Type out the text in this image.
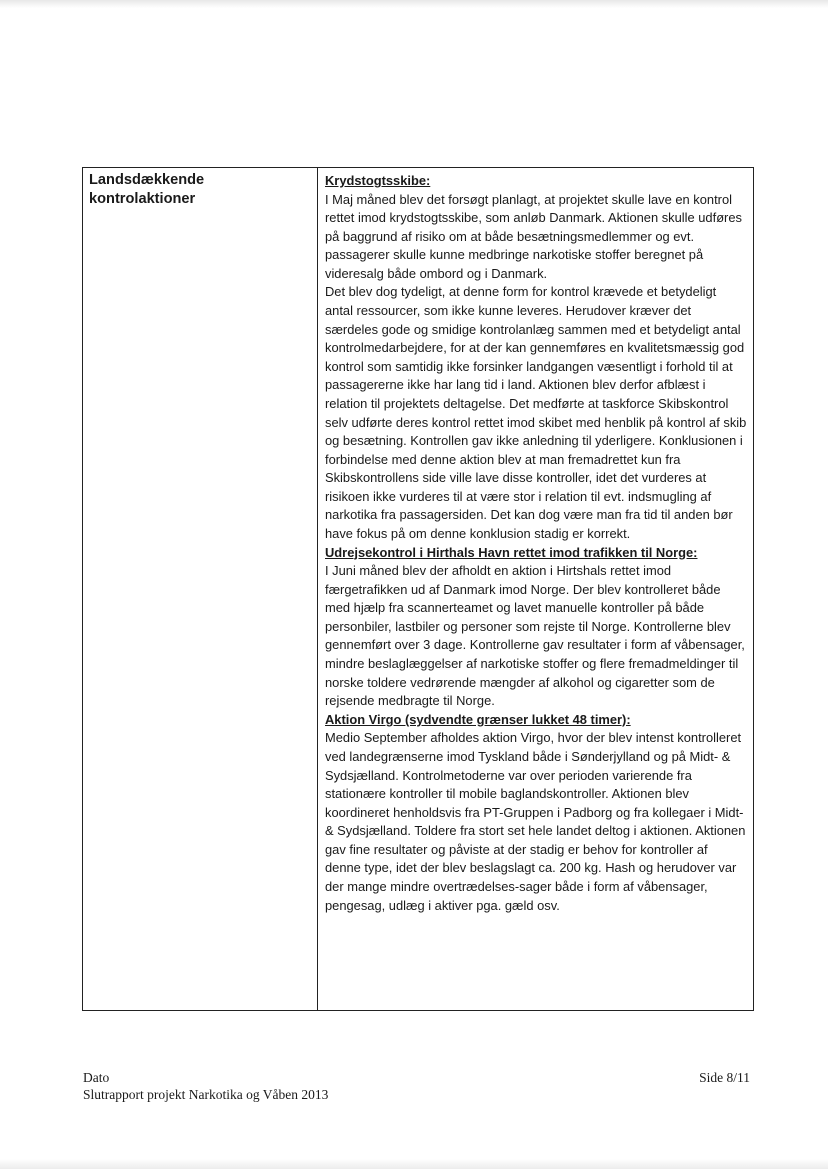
Landsdækkende

kontrolaktioner

Krydstogtsskibe:

I Maj måned blev det forsøgt planlagt, at projektet skulle lave en kontrol rettet imod krydstogtsskibe, som anløb Danmark. Aktionen skulle udføres på baggrund af risiko om at både besætningsmedlemmer og evt. passagerer skulle kunne medbringe narkotiske stoffer beregnet på videresalg både ombord og i Danmark.

Det blev dog tydeligt, at denne form for kontrol krævede et betydeligt antal ressourcer, som ikke kunne leveres. Herudover kræver det særdeles gode og smidige kontrolanlæg sammen med et betydeligt antal kontrolmedarbejdere, for at der kan gennemføres en kvalitetsmæssig god kontrol som samtidig ikke forsinker landgangen væsentligt i forhold til at passagererne ikke har lang tid i land. Aktionen blev derfor afblæst i relation til projektets deltagelse. Det medførte at taskforce Skibskontrol selv udførte deres kontrol rettet imod skibet med henblik på kontrol af skib og besætning. Kontrollen gav ikke anledning til yderligere. Konklusionen i forbindelse med denne aktion blev at man fremadrettet kun fra Skibskontrollens side ville lave disse kontroller, idet det vurderes at risikoen ikke vurderes til at være stor i relation til evt. indsmugling af narkotika fra passagersiden. Det kan dog være man fra tid til anden bør have fokus på om denne konklusion stadig er korrekt.

Udrejsekontrol i Hirthals Havn rettet imod trafikken til Norge:

I Juni måned blev der afholdt en aktion i Hirtshals rettet imod færgetrafikken ud af Danmark imod Norge. Der blev kontrolleret både med hjælp fra scannerteamet og lavet manuelle kontroller på både personbiler, lastbiler og personer som rejste til Norge. Kontrollerne blev gennemført over 3 dage. Kontrollerne gav resultater i form af våbensager, mindre beslaglæggelser af narkotiske stoffer og flere fremadmeldinger til norske toldere vedrørende mængder af alkohol og cigaretter som de rejsende medbragte til Norge.

Aktion Virgo (sydvendte grænser lukket 48 timer):

Medio September afholdes aktion Virgo, hvor der blev intenst kontrolleret ved landegrænserne imod Tyskland både i Sønderjylland og på Midt- & Sydsjælland. Kontrolmetoderne var over perioden varierende fra stationære kontroller til mobile baglandskontroller. Aktionen blev koordineret henholdsvis fra PT-Gruppen i Padborg og fra kollegaer i Midt- & Sydsjælland. Toldere fra stort set hele landet deltog i aktionen. Aktionen gav fine resultater og påviste at der stadig er behov for kontroller af denne type, idet der blev beslagslagt ca. 200 kg. Hash og herudover var der mange mindre overtrædelses-sager både i form af våbensager, pengesag, udlæg i aktiver pga. gæld osv.

Dato

Slutrapport projekt Narkotika og Våben 2013

Side 8/11
